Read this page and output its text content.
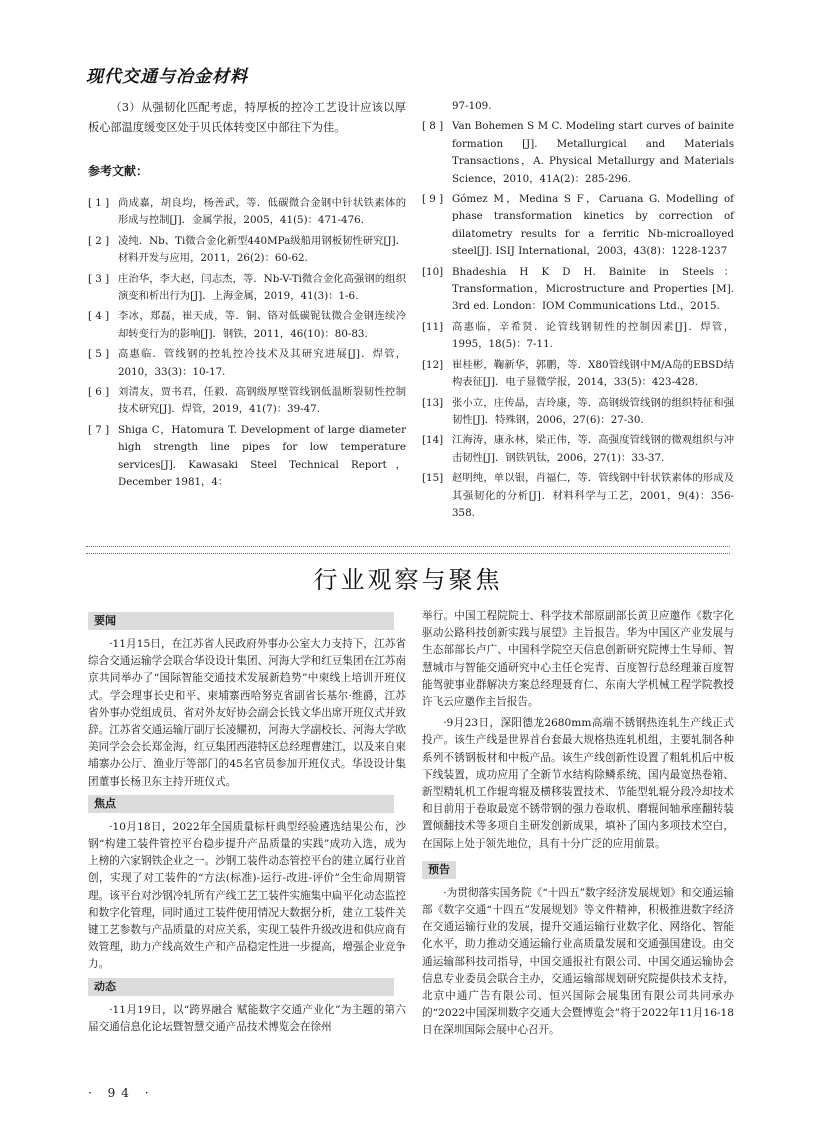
现代交通与冶金材料

（3）从强韧化匹配考虑，特厚板的控冷工艺设计应该以厚板心部温度缓变区处于贝氏体转变区中部往下为佳。

参考文献：
[ 1 ] 尚成嘉，胡良均，杨善武，等．低碳微合金钢中针状铁素体的形成与控制[J]．金属学报，2005，41(5)：471-476.
[ 2 ] 凌纯．Nb、Ti微合金化新型440MPa级船用钢板韧性研究[J]．材料开发与应用，2011，26(2)：60-62.
[ 3 ] 庄治华，李大赵，闫志杰，等．Nb-V-Ti微合金化高强钢的组织演变和析出行为[J]．上海金属，2019，41(3)：1-6.
[ 4 ] 李冰，郑磊，崔天成，等．铜、铬对低碳铌钛微合金钢连续冷却转变行为的影响[J]．钢铁，2011，46(10)：80-83.
[ 5 ] 高惠临．管线钢的控轧控冷技术及其研究进展[J]．焊管，2010，33(3)：10-17.
[ 6 ] 刘清友，贾书君，任毅．高钢级厚壁管线钢低温断裂韧性控制技术研究[J]．焊管，2019，41(7)：39-47.
[ 7 ] Shiga C，Hatomura T. Development of large diameter high strength line pipes for low temperature services[J]. Kawasaki Steel Technical Report，December 1981，4：
97-109.
[ 8 ] Van Bohemen S M C. Modeling start curves of bainite formation [J]. Metallurgical and Materials Transactions，A. Physical Metallurgy and Materials Science，2010，41A(2)：285-296.
[ 9 ] Gómez M，Medina S F，Caruana G. Modelling of phase transformation kinetics by correction of dilatometry results for a ferritic Nb-microalloyed steel[J]. ISIJ International，2003，43(8)：1228-1237
[10] Bhadeshia H K D H. Bainite in Steels：Transformation，Microstructure and Properties [M]. 3rd ed. London：IOM Communications Ltd.，2015.
[11] 高惠临，辛希贤．论管线钢韧性的控制因素[J]．焊管，1995，18(5)：7-11.
[12] 崔桂彬，鞠新华，郭鹏，等．X80管线钢中M/A岛的EBSD结构表征[J]．电子显微学报，2014，33(5)：423-428.
[13] 张小立，庄传晶，吉玲康，等．高钢级管线钢的组织特征和强韧性[J]．特殊钢，2006，27(6)：27-30.
[14] 江海涛，康永林，梁正伟，等．高强度管线钢的微观组织与冲击韧性[J]．钢铁钒钛，2006，27(1)：33-37.
[15] 赵明纯，单以银，肖福仁，等．管线钢中针状铁素体的形成及其强韧化的分析[J]．材料科学与工艺，2001，9(4)：356-358.
行业观察与聚焦
要闻

·11月15日，在江苏省人民政府外事办公室大力支持下，江苏省综合交通运输学会联合华设设计集团、河海大学和红豆集团在江苏南京共同举办了“国际智能交通技术发展新趋势”中柬线上培训开班仪式。学会理事长史和平、柬埔寨西哈努克省副省长基尔·维爵，江苏省外事办党组成员、省对外友好协会副会长钱文华出席开班仪式并致辞。江苏省交通运输厅副厅长凌耀初，河海大学副校长、河海大学欧美同学会会长郑金海，红豆集团西港特区总经理曹建江，以及来自柬埔寨办公厅、渔业厅等部门的45名官员参加开班仪式。华设设计集团董事长杨卫东主持开班仪式。

焦点

·10月18日，2022年全国质量标杆典型经验遴选结果公布，沙钢“构建工装件管控平台稳步提升产品质量的实践”成功入选，成为上榜的六家钢铁企业之一。沙钢工装件动态管控平台的建立属行业首创，实现了对工装件的“方法(标准)-运行-改进-评价”全生命周期管理。该平台对沙钢冷轧所有产线工艺工装件实施集中扁平化动态监控和数字化管理，同时通过工装件使用情况大数据分析，建立工装件关键工艺参数与产品质量的对应关系，实现工装件升级改进和供应商有效管理，助力产线高效生产和产品稳定性进一步提高，增强企业竞争力。

动态

·11月19日，以“跨界融合 赋能数字交通产业化”为主题的第六届交通信息化论坛暨智慧交通产品技术博览会在徐州

举行。中国工程院院士、科学技术部原副部长黄卫应邀作《数字化驱动公路科技创新实践与展望》主旨报告。华为中国区产业发展与生态部部长卢广、中国科学院空天信息创新研究院博士生导师、智慧城市与智能交通研究中心主任仑宪青、百度智行总经理兼百度智能驾驶事业群解决方案总经理聂育仁、东南大学机械工程学院教授许飞云应邀作主旨报告。

·9月23日，深阳德龙2680mm高端不锈钢热连轧生产线正式投产。该生产线是世界首台套最大规格热连轧机组，主要轧制各种系列不锈钢板材和中板产品。该生产线创新性设置了粗轧机后中板下线装置，成功应用了全新节水结构除鳞系统、国内最宽热卷箱、新型精轧机工作辊弯辊及横移装置技术、节能型轧辊分段冷却技术和目前用于卷取最宽不锈带钢的强力卷取机、磨辊间轴承座翻转装置倾翻技术等多项自主研发创新成果，填补了国内多项技术空白，在国际上处于领先地位，具有十分广泛的应用前景。

预告

·为贯彻落实国务院《“十四五”数字经济发展规划》和交通运输部《数字交通“十四五”发展规划》等文件精神，积极推进数字经济在交通运输行业的发展，提升交通运输行业数字化、网络化、智能化水平，助力推动交通运输行业高质量发展和交通强国建设。由交通运输部科技司指导，中国交通报社有限公司、中国交通运输协会信息专业委员会联合主办，交通运输部规划研究院提供技术支持，北京中通广告有限公司、恒兴国际会展集团有限公司共同承办的“2022中国深圳数字交通大会暨博览会”将于2022年11月16-18日在深圳国际会展中心召开。

· 94 ·
